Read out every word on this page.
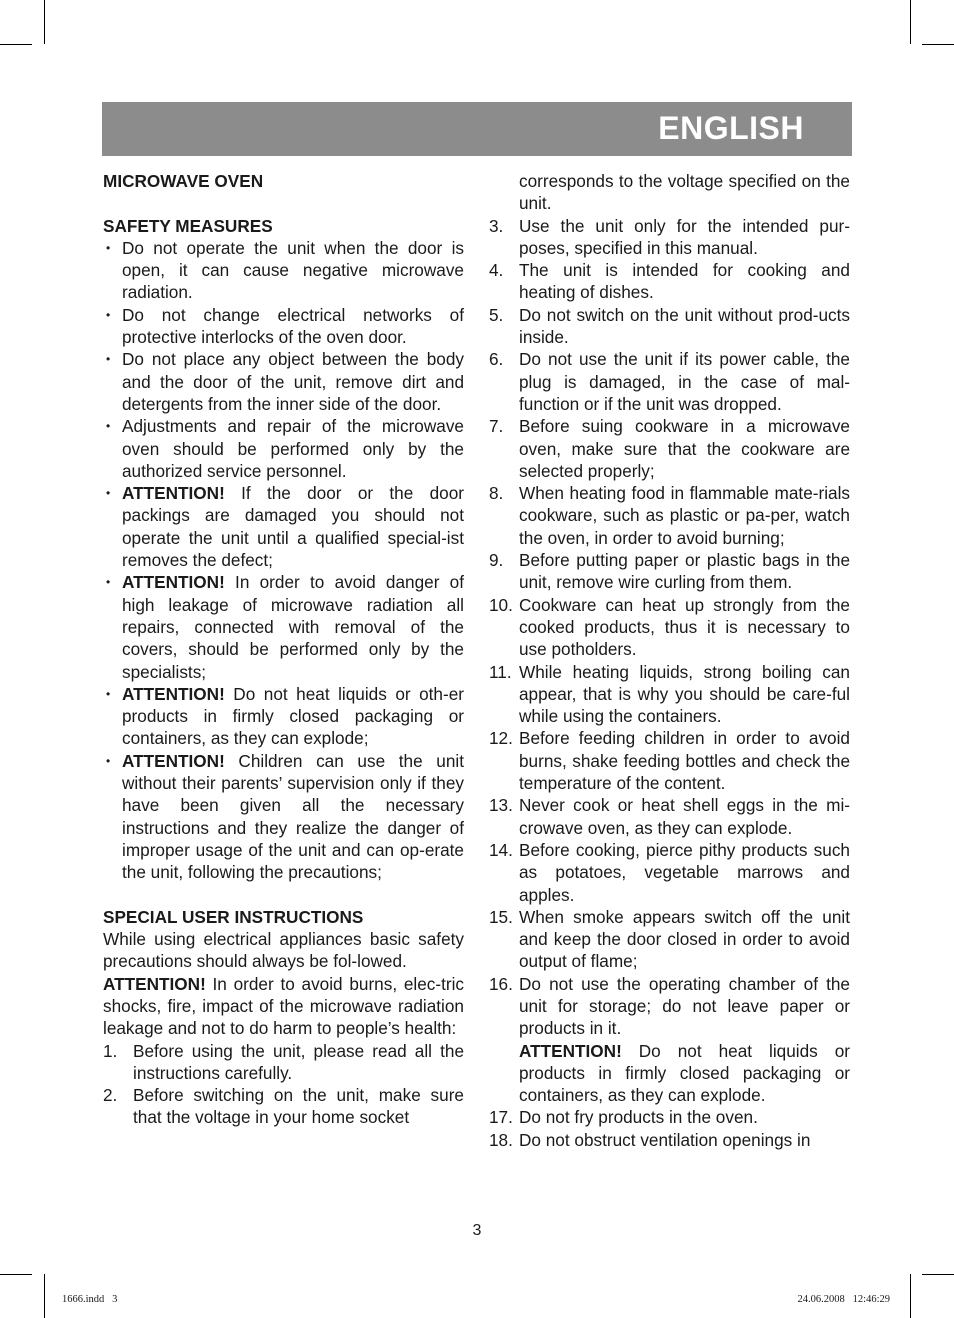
ENGLISH
MICROWAVE OVEN
SAFETY MEASURES
• Do not operate the unit when the door is open, it can cause negative microwave radiation.
• Do not change electrical networks of protective interlocks of the oven door.
• Do not place any object between the body and the door of the unit, remove dirt and detergents from the inner side of the door.
• Adjustments and repair of the microwave oven should be performed only by the authorized service personnel.
• ATTENTION! If the door or the door packings are damaged you should not operate the unit until a qualified special-ist removes the defect;
• ATTENTION! In order to avoid danger of high leakage of microwave radiation all repairs, connected with removal of the covers, should be performed only by the specialists;
• ATTENTION! Do not heat liquids or oth-er products in firmly closed packaging or containers, as they can explode;
• ATTENTION! Children can use the unit without their parents’ supervision only if they have been given all the necessary instructions and they realize the danger of improper usage of the unit and can op-erate the unit, following the precautions;
SPECIAL USER INSTRUCTIONS

While using electrical appliances basic safety precautions should always be fol-lowed.

ATTENTION! In order to avoid burns, elec-tric shocks, fire, impact of the microwave radiation leakage and not to do harm to people’s health:

1. Before using the unit, please read all the instructions carefully.
2. Before switching on the unit, make sure that the voltage in your home socket
corresponds to the voltage specified on the unit.
3. Use the unit only for the intended pur-poses, specified in this manual.
4. The unit is intended for cooking and heating of dishes.
5. Do not switch on the unit without prod-ucts inside.
6. Do not use the unit if its power cable, the plug is damaged, in the case of mal-function or if the unit was dropped.
7. Before suing cookware in a microwave oven, make sure that the cookware are selected properly;
8. When heating food in flammable mate-rials cookware, such as plastic or pa-per, watch the oven, in order to avoid burning;
9. Before putting paper or plastic bags in the unit, remove wire curling from them.
10. Cookware can heat up strongly from the cooked products, thus it is necessary to use potholders.
11. While heating liquids, strong boiling can appear, that is why you should be care-ful while using the containers.
12. Before feeding children in order to avoid burns, shake feeding bottles and check the temperature of the content.
13. Never cook or heat shell eggs in the mi-crowave oven, as they can explode.
14. Before cooking, pierce pithy products such as potatoes, vegetable marrows and apples.
15. When smoke appears switch off the unit and keep the door closed in order to avoid output of flame;
16. Do not use the operating chamber of the unit for storage; do not leave paper or products in it.
ATTENTION! Do not heat liquids or products in firmly closed packaging or containers, as they can explode.
17. Do not fry products in the oven.
18. Do not obstruct ventilation openings in
3
1666.indd   3	24.06.2008   12:46:29
